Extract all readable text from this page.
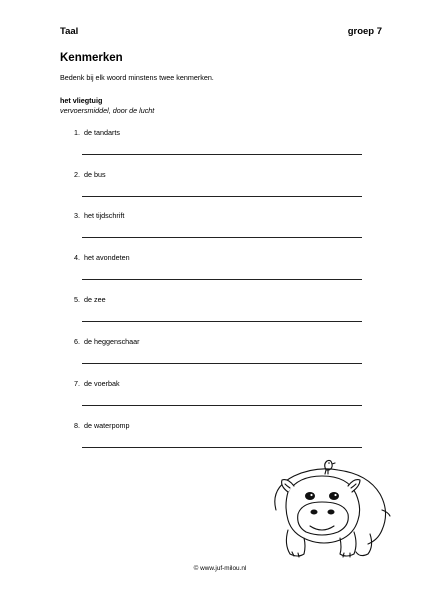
Taal	groep 7
Kenmerken
Bedenk bij elk woord minstens twee kenmerken.
het vliegtuig
vervoersmiddel, door de lucht
1. de tandarts
2. de bus
3. het tijdschrift
4. het avondeten
5. de zee
6. de heggenschaar
7. de voerbak
8. de waterpomp
© www.juf-milou.nl
